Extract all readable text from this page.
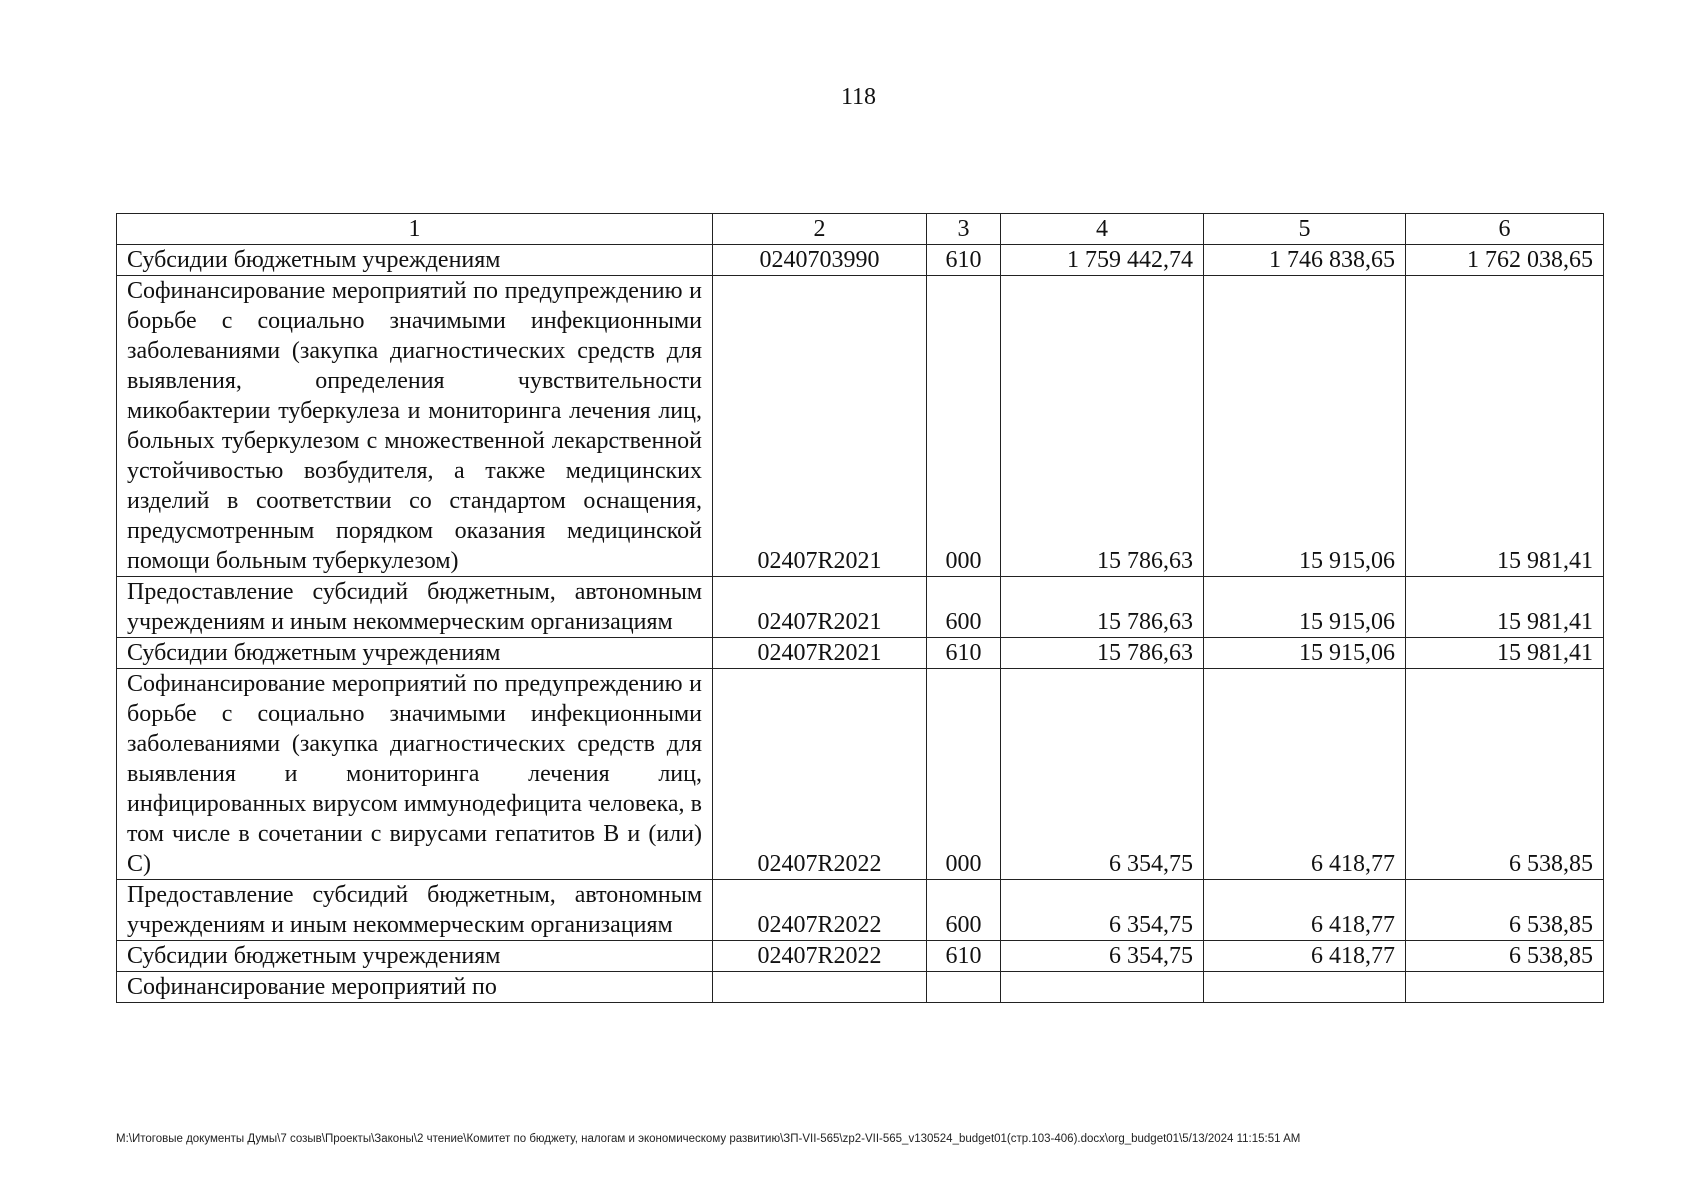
118
1	2	3	4	5	6
Субсидии бюджетным учреждениям	0240703990	610	1 759 442,74	1 746 838,65	1 762 038,65
Софинансирование мероприятий по предупреждению и борьбе с социально значимыми инфекционными заболеваниями (закупка диагностических средств для выявления, определения чувствительности микобактерии туберкулеза и мониторинга лечения лиц, больных туберкулезом с множественной лекарственной устойчивостью возбудителя, а также медицинских изделий в соответствии со стандартом оснащения, предусмотренным порядком оказания медицинской помощи больным туберкулезом)	02407R2021	000	15 786,63	15 915,06	15 981,41
Предоставление субсидий бюджетным, автономным учреждениям и иным некоммерческим организациям	02407R2021	600	15 786,63	15 915,06	15 981,41
Субсидии бюджетным учреждениям	02407R2021	610	15 786,63	15 915,06	15 981,41
Софинансирование мероприятий по предупреждению и борьбе с социально значимыми инфекционными заболеваниями (закупка диагностических средств для выявления и мониторинга лечения лиц, инфицированных вирусом иммунодефицита человека, в том числе в сочетании с вирусами гепатитов B и (или) C)	02407R2022	000	6 354,75	6 418,77	6 538,85
Предоставление субсидий бюджетным, автономным учреждениям и иным некоммерческим организациям	02407R2022	600	6 354,75	6 418,77	6 538,85
Субсидии бюджетным учреждениям	02407R2022	610	6 354,75	6 418,77	6 538,85
Софинансирование мероприятий по					
M:\Итоговые документы Думы\7 созыв\Проекты\Законы\2 чтение\Комитет по бюджету, налогам и экономическому развитию\ЗП-VII-565\zp2-VII-565_v130524_budget01(стр.103-406).docx\org_budget01\5/13/2024 11:15:51 AM
